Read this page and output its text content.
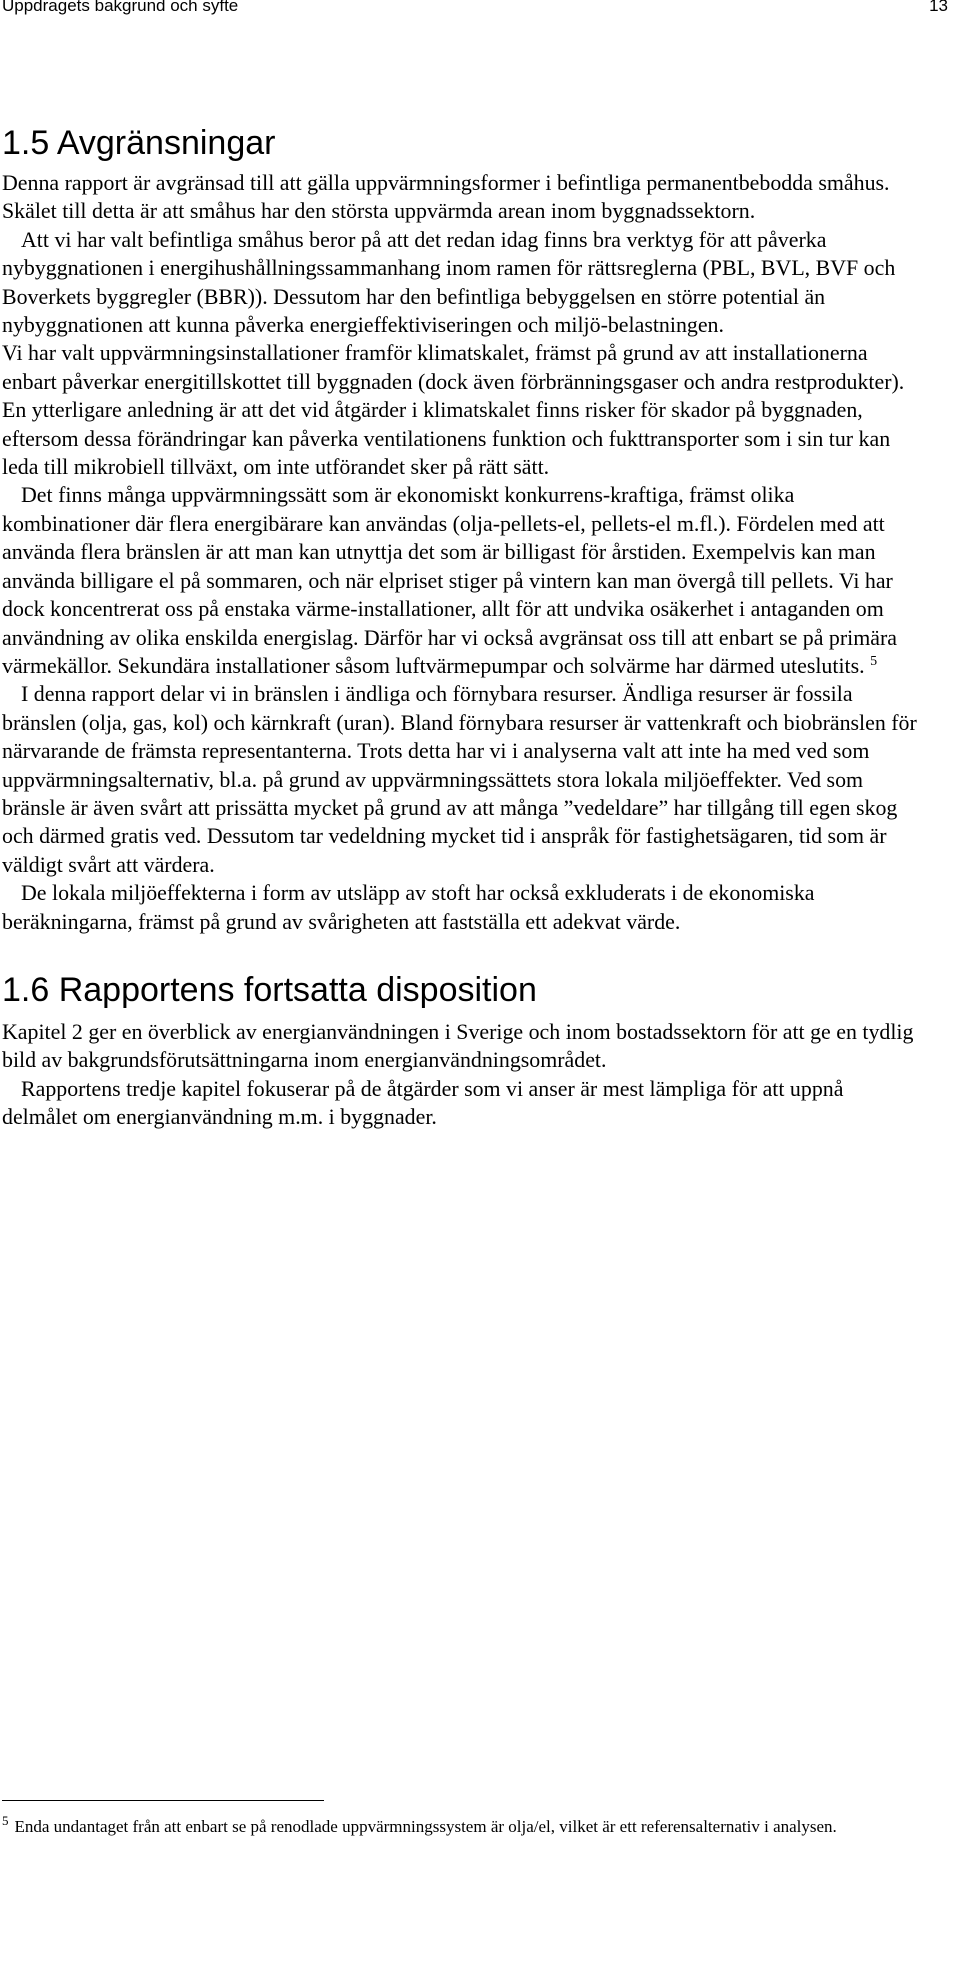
Uppdragets bakgrund och syfte	13
1.5 Avgränsningar

Denna rapport är avgränsad till att gälla uppvärmningsformer i befintliga permanentbebodda småhus. Skälet till detta är att småhus har den största uppvärmda arean inom byggnadssektorn.

Att vi har valt befintliga småhus beror på att det redan idag finns bra verktyg för att påverka nybyggnationen i energihushållningssammanhang inom ramen för rättsreglerna (PBL, BVL, BVF och Boverkets byggregler (BBR)). Dessutom har den befintliga bebyggelsen en större potential än nybyggnationen att kunna påverka energieffektiviseringen och miljö-belastningen.

Vi har valt uppvärmningsinstallationer framför klimatskalet, främst på grund av att installationerna enbart påverkar energitillskottet till byggnaden (dock även förbränningsgaser och andra restprodukter). En ytterligare anledning är att det vid åtgärder i klimatskalet finns risker för skador på byggnaden, eftersom dessa förändringar kan påverka ventilationens funktion och fukttransporter som i sin tur kan leda till mikrobiell tillväxt, om inte utförandet sker på rätt sätt.

Det finns många uppvärmningssätt som är ekonomiskt konkurrens-kraftiga, främst olika kombinationer där flera energibärare kan användas (olja-pellets-el, pellets-el m.fl.). Fördelen med att använda flera bränslen är att man kan utnyttja det som är billigast för årstiden. Exempelvis kan man använda billigare el på sommaren, och när elpriset stiger på vintern kan man övergå till pellets. Vi har dock koncentrerat oss på enstaka värme-installationer, allt för att undvika osäkerhet i antaganden om användning av olika enskilda energislag. Därför har vi också avgränsat oss till att enbart se på primära värmekällor. Sekundära installationer såsom luftvärmepumpar och solvärme har därmed uteslutits. $^5$

I denna rapport delar vi in bränslen i ändliga och förnybara resurser. Ändliga resurser är fossila bränslen (olja, gas, kol) och kärnkraft (uran). Bland förnybara resurser är vattenkraft och biobränslen för närvarande de främsta representanterna. Trots detta har vi i analyserna valt att inte ha med ved som uppvärmningsalternativ, bl.a. på grund av uppvärmningssättets stora lokala miljöeffekter. Ved som bränsle är även svårt att prissätta mycket på grund av att många ”vedeldare” har tillgång till egen skog och därmed gratis ved. Dessutom tar vedeldning mycket tid i anspråk för fastighetsägaren, tid som är väldigt svårt att värdera.

De lokala miljöeffekterna i form av utsläpp av stoft har också exkluderats i de ekonomiska beräkningarna, främst på grund av svårigheten att fastställa ett adekvat värde.

1.6 Rapportens fortsatta disposition

Kapitel 2 ger en överblick av energianvändningen i Sverige och inom bostadssektorn för att ge en tydlig bild av bakgrundsförutsättningarna inom energianvändningsområdet.

Rapportens tredje kapitel fokuserar på de åtgärder som vi anser är mest lämpliga för att uppnå delmålet om energianvändning m.m. i byggnader.

$^5$ Enda undantaget från att enbart se på renodlade uppvärmningssystem är olja/el, vilket är ett referensalternativ i analysen.
